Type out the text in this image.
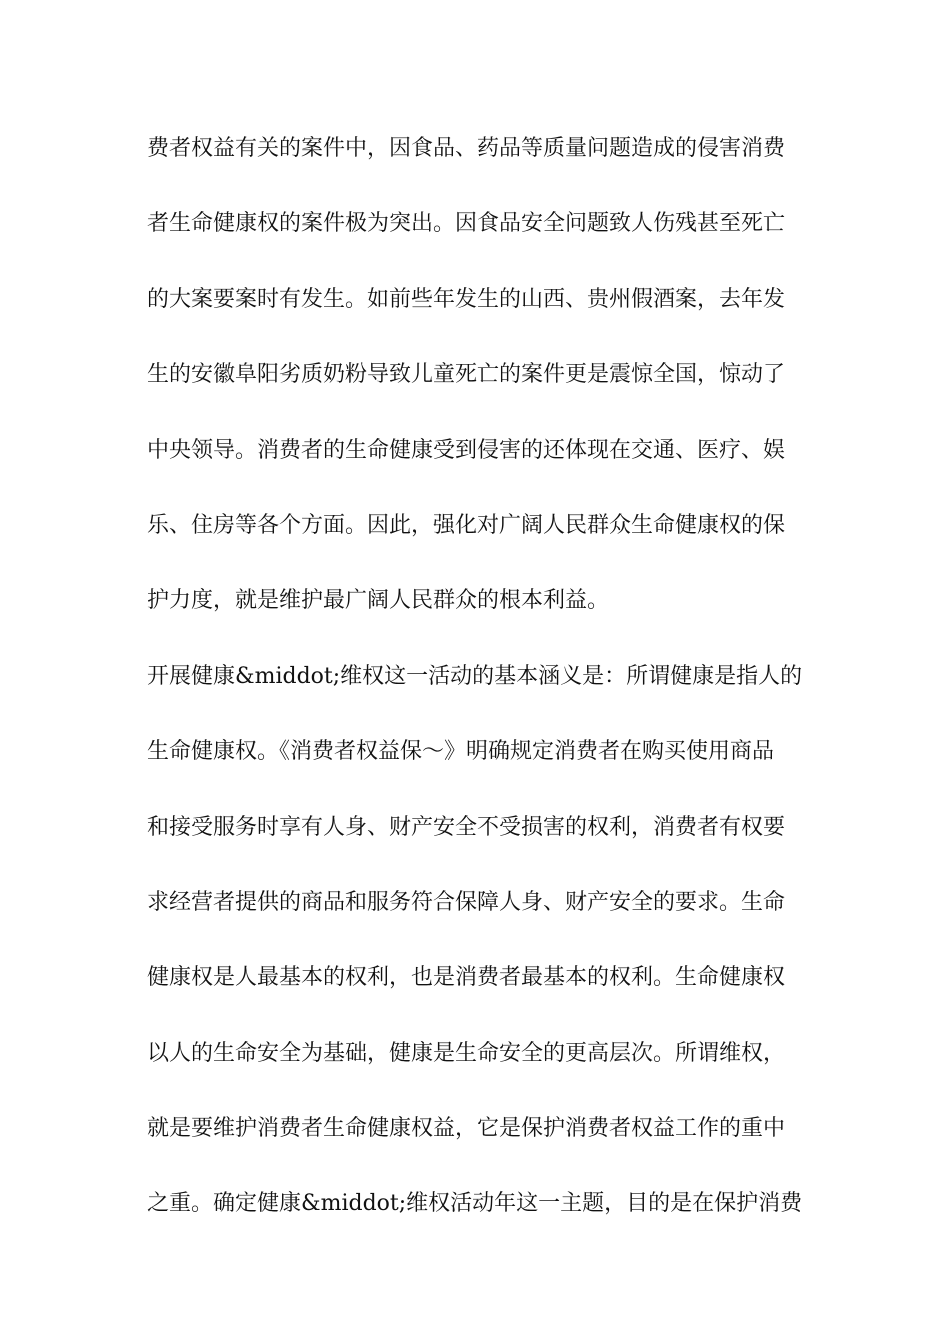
费者权益有关的案件中，因食品、药品等质量问题造成的侵害消费
者生命健康权的案件极为突出。因食品安全问题致人伤残甚至死亡
的大案要案时有发生。如前些年发生的山西、贵州假酒案，去年发
生的安徽阜阳劣质奶粉导致儿童死亡的案件更是震惊全国，惊动了
中央领导。消费者的生命健康受到侵害的还体现在交通、医疗、娱
乐、住房等各个方面。因此，强化对广阔人民群众生命健康权的保
护力度，就是维护最广阔人民群众的根本利益。
开展健康&middot;维权这一活动的基本涵义是：所谓健康是指人的
生命健康权。《消费者权益保～》明确规定消费者在购买使用商品
和接受服务时享有人身、财产安全不受损害的权利，消费者有权要
求经营者提供的商品和服务符合保障人身、财产安全的要求。生命
健康权是人最基本的权利，也是消费者最基本的权利。生命健康权
以人的生命安全为基础，健康是生命安全的更高层次。所谓维权，
就是要维护消费者生命健康权益，它是保护消费者权益工作的重中
之重。确定健康&middot;维权活动年这一主题，目的是在保护消费
